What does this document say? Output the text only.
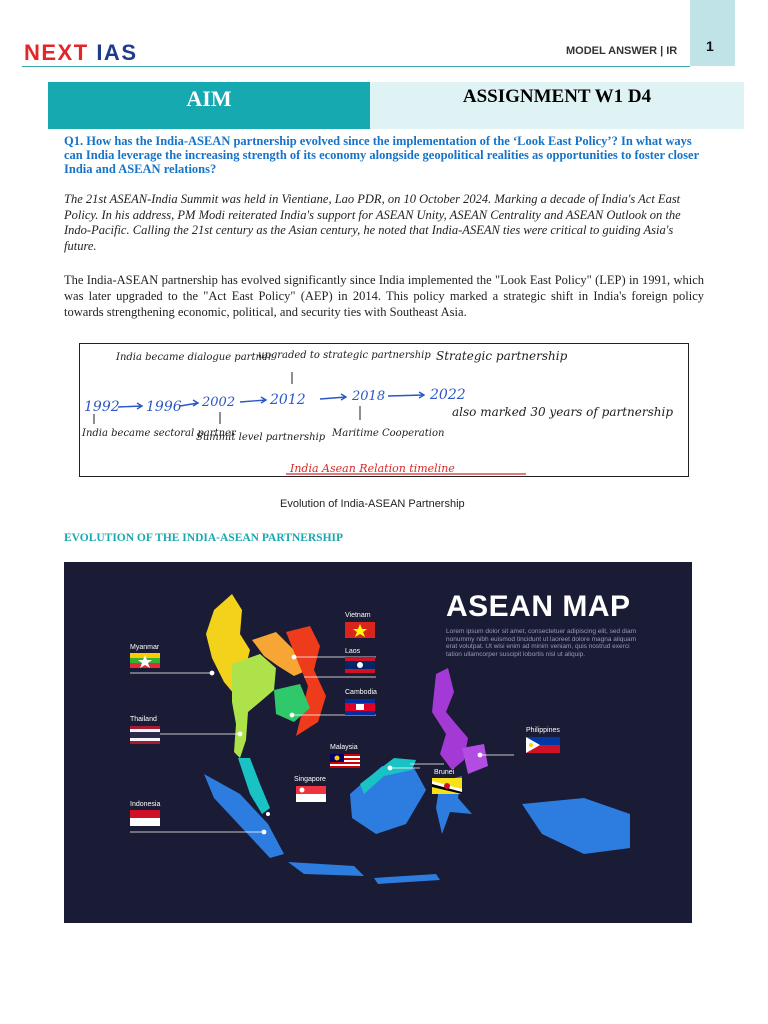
1
NEXT IAS	MODEL ANSWER | IR
AIM	ASSIGNMENT W1 D4
Q1. How has the India-ASEAN partnership evolved since the implementation of the ‘Look East Policy’? In what ways can India leverage the increasing strength of its economy alongside geopolitical realities as opportunities to foster closer India and ASEAN relations?
The 21st ASEAN-India Summit was held in Vientiane, Lao PDR, on 10 October 2024. Marking a decade of India's Act East Policy. In his address, PM Modi reiterated India's support for ASEAN Unity, ASEAN Centrality and ASEAN Outlook on the Indo-Pacific. Calling the 21st century as the Asian century, he noted that India-ASEAN ties were critical to guiding Asia's future.
The India-ASEAN partnership has evolved significantly since India implemented the "Look East Policy" (LEP) in 1991, which was later upgraded to the "Act East Policy" (AEP) in 2014. This policy marked a strategic shift in India's foreign policy towards strengthening economic, political, and security ties with Southeast Asia.
1992 1996 2002 2012	2018	2022
India became dialogue partner
upgraded to strategic partnership Strategic partnership
India became sectoral partner
Summit level partnership Maritime Cooperation
also marked 30 years of partnership
India Asean Relation timeline
Evolution of India-ASEAN Partnership
EVOLUTION OF THE INDIA-ASEAN PARTNERSHIP
Myanmar
Thailand
Indonesia
Vietnam
Laos
Cambodia
Malaysia
Singapore
Brunei
Philippines
ASEAN MAP
Lorem ipsum dolor sit amet, consectetuer adipiscing elit, sed diam nonummy nibh euismod tincidunt ut laoreet dolore magna aliquam erat volutpat. Ut wisi enim ad minim veniam, quis nostrud exerci tation ullamcorper suscipit lobortis nisl ut aliquip.
